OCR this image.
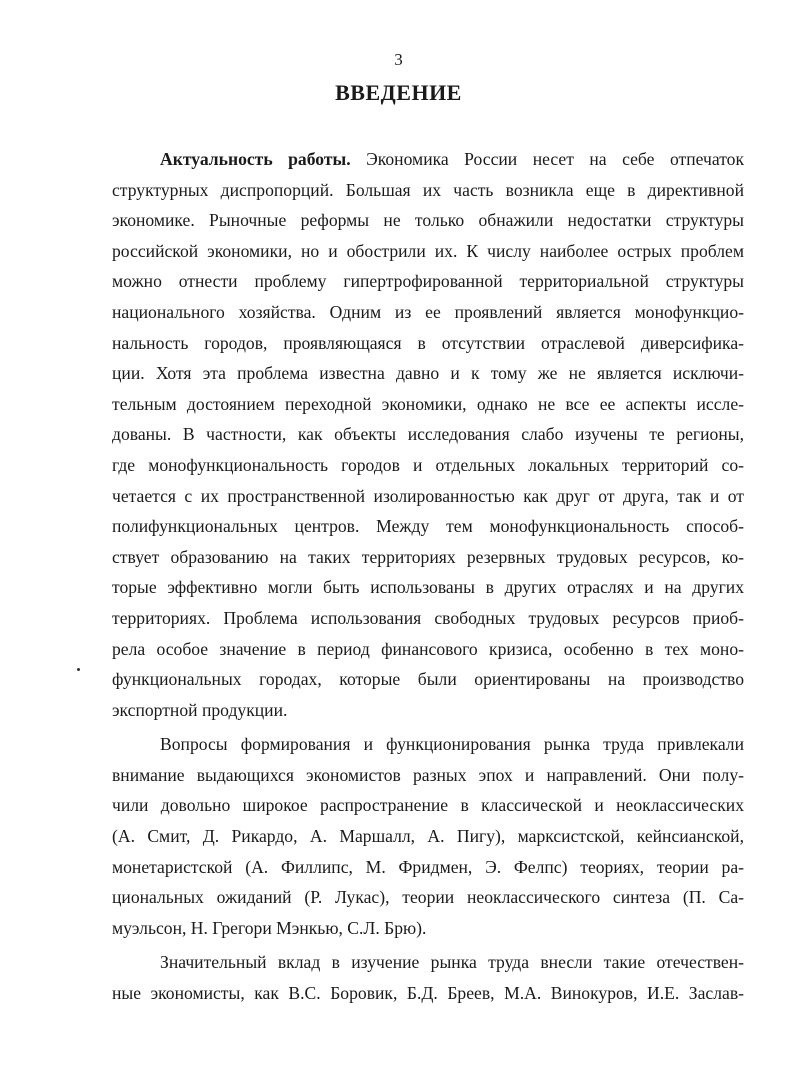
3
ВВЕДЕНИЕ
Актуальность работы. Экономика России несет на себе отпечаток
структурных диспропорций. Большая их часть возникла еще в директивной
экономике. Рыночные реформы не только обнажили недостатки структуры
российской экономики, но и обострили их. К числу наиболее острых проблем
можно отнести проблему гипертрофированной территориальной структуры
национального хозяйства. Одним из ее проявлений является монофункцио-
нальность городов, проявляющаяся в отсутствии отраслевой диверсифика-
ции. Хотя эта проблема известна давно и к тому же не является исключи-
тельным достоянием переходной экономики, однако не все ее аспекты иссле-
дованы. В частности, как объекты исследования слабо изучены те регионы,
где монофункциональность городов и отдельных локальных территорий со-
четается с их пространственной изолированностью как друг от друга, так и от
полифункциональных центров. Между тем монофункциональность способ-
ствует образованию на таких территориях резервных трудовых ресурсов, ко-
торые эффективно могли быть использованы в других отраслях и на других
территориях. Проблема использования свободных трудовых ресурсов приоб-
рела особое значение в период финансового кризиса, особенно в тех моно-
функциональных городах, которые были ориентированы на производство
экспортной продукции.
Вопросы формирования и функционирования рынка труда привлекали
внимание выдающихся экономистов разных эпох и направлений. Они полу-
чили довольно широкое распространение в классической и неоклассических
(А. Смит, Д. Рикардо, А. Маршалл, А. Пигу), марксистской, кейнсианской,
монетаристской (А. Филлипс, М. Фридмен, Э. Фелпс) теориях, теории ра-
циональных ожиданий (Р. Лукас), теории неоклассического синтеза (П. Са-
муэльсон, Н. Грегори Мэнкью, С.Л. Брю).
Значительный вклад в изучение рынка труда внесли такие отечествен-
ные экономисты, как В.С. Боровик, Б.Д. Бреев, М.А. Винокуров, И.Е. Заслав-
